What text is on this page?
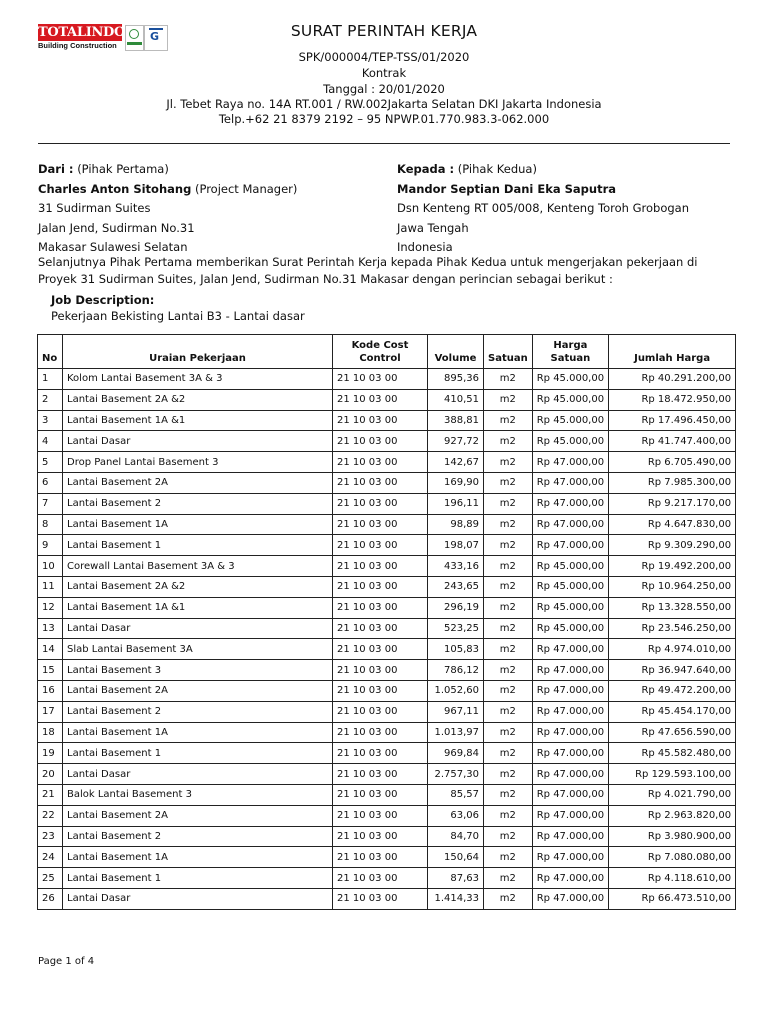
TOTALINDO
Building Construction
G	SURAT PERINTAH KERJA
SPK/000004/TEP-TSS/01/2020
Kontrak
Tanggal : 20/01/2020
Jl. Tebet Raya no. 14A RT.001 / RW.002Jakarta Selatan DKI Jakarta Indonesia
Telp.+62 21 8379 2192 – 95 NPWP.01.770.983.3-062.000
Dari : (Pihak Pertama)
Charles Anton Sitohang (Project Manager)
31 Sudirman Suites
Jalan Jend, Sudirman No.31
Makasar Sulawesi Selatan
Kepada : (Pihak Kedua)
Mandor Septian Dani Eka Saputra
Dsn Kenteng RT 005/008, Kenteng Toroh Grobogan
Jawa Tengah
Indonesia
Selanjutnya Pihak Pertama memberikan Surat Perintah Kerja kepada Pihak Kedua untuk mengerjakan pekerjaan di Proyek 31 Sudirman Suites, Jalan Jend, Sudirman No.31 Makasar dengan perincian sebagai berikut :
Job Description:
Pekerjaan Bekisting Lantai B3 - Lantai dasar
No	Uraian Pekerjaan	Kode Cost
Control	Volume	Satuan	Harga
Satuan	Jumlah Harga
1	Kolom Lantai Basement 3A & 3	21 10 03 00	895,36	m2	Rp 45.000,00	Rp 40.291.200,00
2	Lantai Basement 2A &2	21 10 03 00	410,51	m2	Rp 45.000,00	Rp 18.472.950,00
3	Lantai Basement 1A &1	21 10 03 00	388,81	m2	Rp 45.000,00	Rp 17.496.450,00
4	Lantai Dasar	21 10 03 00	927,72	m2	Rp 45.000,00	Rp 41.747.400,00
5	Drop Panel Lantai Basement 3	21 10 03 00	142,67	m2	Rp 47.000,00	Rp 6.705.490,00
6	Lantai Basement 2A	21 10 03 00	169,90	m2	Rp 47.000,00	Rp 7.985.300,00
7	Lantai Basement 2	21 10 03 00	196,11	m2	Rp 47.000,00	Rp 9.217.170,00
8	Lantai Basement 1A	21 10 03 00	98,89	m2	Rp 47.000,00	Rp 4.647.830,00
9	Lantai Basement 1	21 10 03 00	198,07	m2	Rp 47.000,00	Rp 9.309.290,00
10	Corewall Lantai Basement 3A & 3	21 10 03 00	433,16	m2	Rp 45.000,00	Rp 19.492.200,00
11	Lantai Basement 2A &2	21 10 03 00	243,65	m2	Rp 45.000,00	Rp 10.964.250,00
12	Lantai Basement 1A &1	21 10 03 00	296,19	m2	Rp 45.000,00	Rp 13.328.550,00
13	Lantai Dasar	21 10 03 00	523,25	m2	Rp 45.000,00	Rp 23.546.250,00
14	Slab Lantai Basement 3A	21 10 03 00	105,83	m2	Rp 47.000,00	Rp 4.974.010,00
15	Lantai Basement 3	21 10 03 00	786,12	m2	Rp 47.000,00	Rp 36.947.640,00
16	Lantai Basement 2A	21 10 03 00	1.052,60	m2	Rp 47.000,00	Rp 49.472.200,00
17	Lantai Basement 2	21 10 03 00	967,11	m2	Rp 47.000,00	Rp 45.454.170,00
18	Lantai Basement 1A	21 10 03 00	1.013,97	m2	Rp 47.000,00	Rp 47.656.590,00
19	Lantai Basement 1	21 10 03 00	969,84	m2	Rp 47.000,00	Rp 45.582.480,00
20	Lantai Dasar	21 10 03 00	2.757,30	m2	Rp 47.000,00	Rp 129.593.100,00
21	Balok Lantai Basement 3	21 10 03 00	85,57	m2	Rp 47.000,00	Rp 4.021.790,00
22	Lantai Basement 2A	21 10 03 00	63,06	m2	Rp 47.000,00	Rp 2.963.820,00
23	Lantai Basement 2	21 10 03 00	84,70	m2	Rp 47.000,00	Rp 3.980.900,00
24	Lantai Basement 1A	21 10 03 00	150,64	m2	Rp 47.000,00	Rp 7.080.080,00
25	Lantai Basement 1	21 10 03 00	87,63	m2	Rp 47.000,00	Rp 4.118.610,00
26	Lantai Dasar	21 10 03 00	1.414,33	m2	Rp 47.000,00	Rp 66.473.510,00
Page 1 of 4
